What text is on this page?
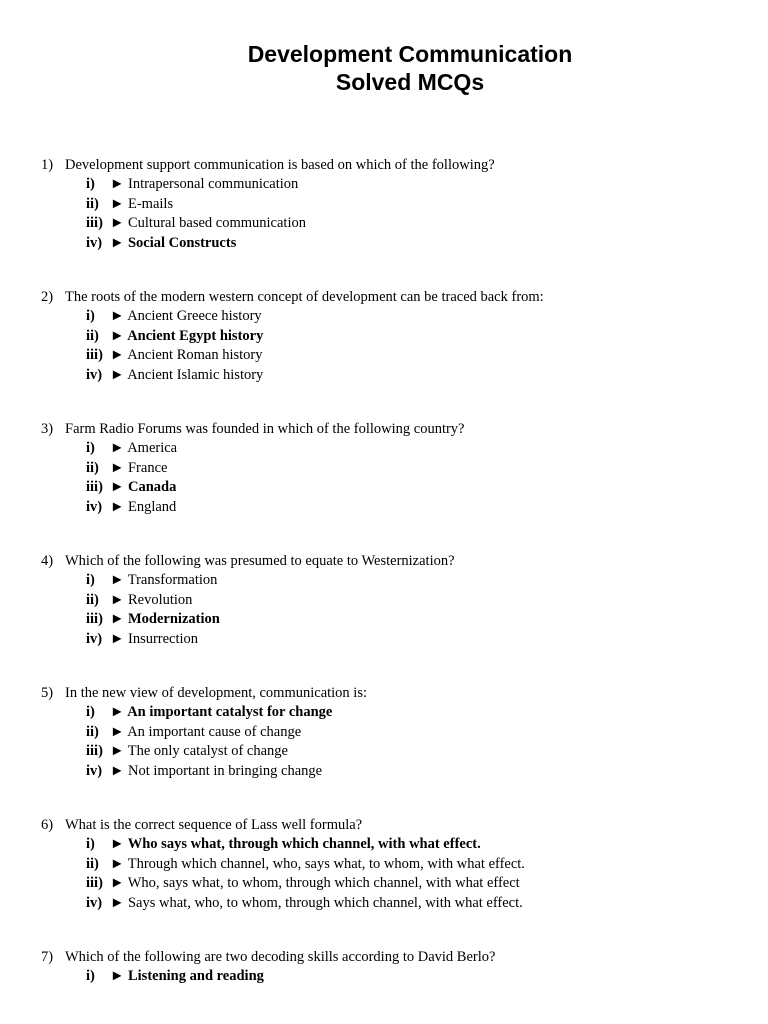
Development Communication
Solved MCQs
1) Development support communication is based on which of the following?
i) ► Intrapersonal communication
ii) ► E-mails
iii) ► Cultural based communication
iv) ► Social Constructs
2) The roots of the modern western concept of development can be traced back from:
i) ► Ancient Greece history
ii) ► Ancient Egypt history
iii) ► Ancient Roman history
iv) ► Ancient Islamic history
3) Farm Radio Forums was founded in which of the following country?
i) ► America
ii) ► France
iii) ► Canada
iv) ► England
4) Which of the following was presumed to equate to Westernization?
i) ► Transformation
ii) ► Revolution
iii) ► Modernization
iv) ► Insurrection
5) In the new view of development, communication is:
i) ► An important catalyst for change
ii) ► An important cause of change
iii) ► The only catalyst of change
iv) ► Not important in bringing change
6) What is the correct sequence of Lass well formula?
i) ► Who says what, through which channel, with what effect.
ii) ► Through which channel, who, says what, to whom, with what effect.
iii) ► Who, says what, to whom, through which channel, with what effect
iv) ► Says what, who, to whom, through which channel, with what effect.
7) Which of the following are two decoding skills according to David Berlo?
i) ► Listening and reading
